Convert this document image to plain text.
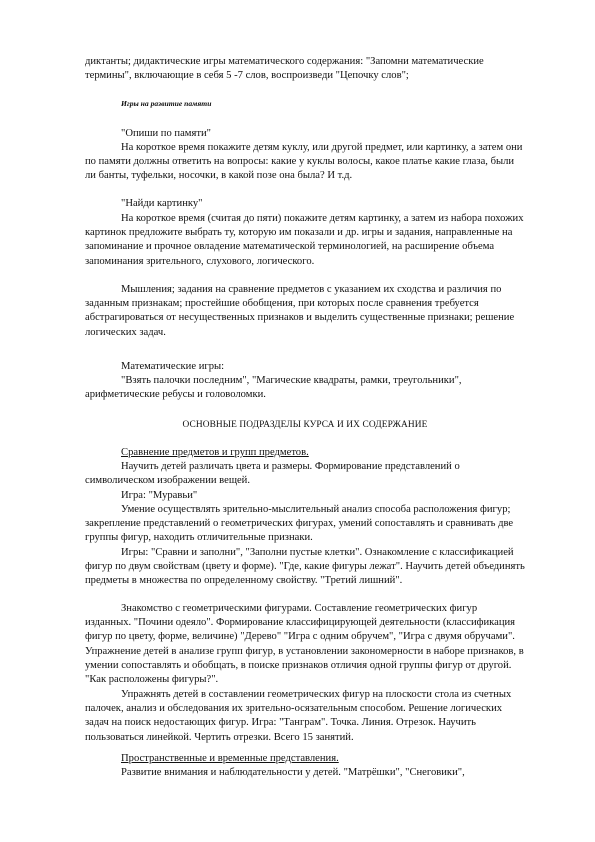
диктанты; дидактические игры математического содержания: "Запомни математические термины", включающие в себя 5 -7 слов, воспроизведи "Цепочку слов";

Игры на развитие памяти

"Опиши по памяти"

На короткое время покажите детям куклу, или другой предмет, или картинку, а затем они по памяти должны ответить на вопросы: какие у куклы волосы, какое платье какие глаза, были ли банты, туфельки, носочки, в какой позе она была? И т.д.

"Найди картинку"

На короткое время (считая до пяти) покажите детям картинку, а затем из набора похожих картинок предложите выбрать ту, которую им показали и др. игры и задания, направленные на запоминание и прочное овладение математической терминологией, на расширение объема запоминания зрительного, слухового, логического.

Мышления; задания на сравнение предметов с указанием их сходства и различия по заданным признакам; простейшие обобщения, при которых после сравнения требуется абстрагироваться от несущественных признаков и выделить существенные признаки; решение логических задач.

Математические игры:

"Взять палочки последним", "Магические квадраты, рамки, треугольники", арифметические ребусы и головоломки.

ОСНОВНЫЕ ПОДРАЗДЕЛЫ КУРСА И ИХ СОДЕРЖАНИЕ

Сравнение предметов и групп предметов.

Научить детей различать цвета и размеры. Формирование представлений о символическом изображении вещей.

Игра: "Муравьи"

Умение осуществлять зрительно-мыслительный анализ способа расположения фигур; закрепление представлений о геометрических фигурах, умений сопоставлять и сравнивать две группы фигур, находить отличительные признаки.

Игры: "Сравни и заполни", "Заполни пустые клетки". Ознакомление с классификацией фигур по двум свойствам (цвету и форме). "Где, какие фигуры лежат". Научить детей объединять предметы в множества по определенному свойству. "Третий лишний".

Знакомство с геометрическими фигурами. Составление геометрических фигур изданных. "Почини одеяло". Формирование классифицирующей деятельности (классификация фигур по цвету, форме, величине) "Дерево" "Игра с одним обручем", "Игра с двумя обручами". Упражнение детей в анализе групп фигур, в установлении закономерности в наборе признаков, в умении сопоставлять и обобщать, в поиске признаков отличия одной группы фигур от другой. "Как расположены фигуры?".

Упражнять детей в составлении геометрических фигур на плоскости стола из счетных палочек, анализ и обследования их зрительно-осязательным способом. Решение логических задач на поиск недостающих фигур. Игра: "Танграм". Точка. Линия. Отрезок. Научить пользоваться линейкой. Чертить отрезки. Всего 15 занятий.

Пространственные и временные представления.

Развитие внимания и наблюдательности у детей. "Матрёшки", "Снеговики",
